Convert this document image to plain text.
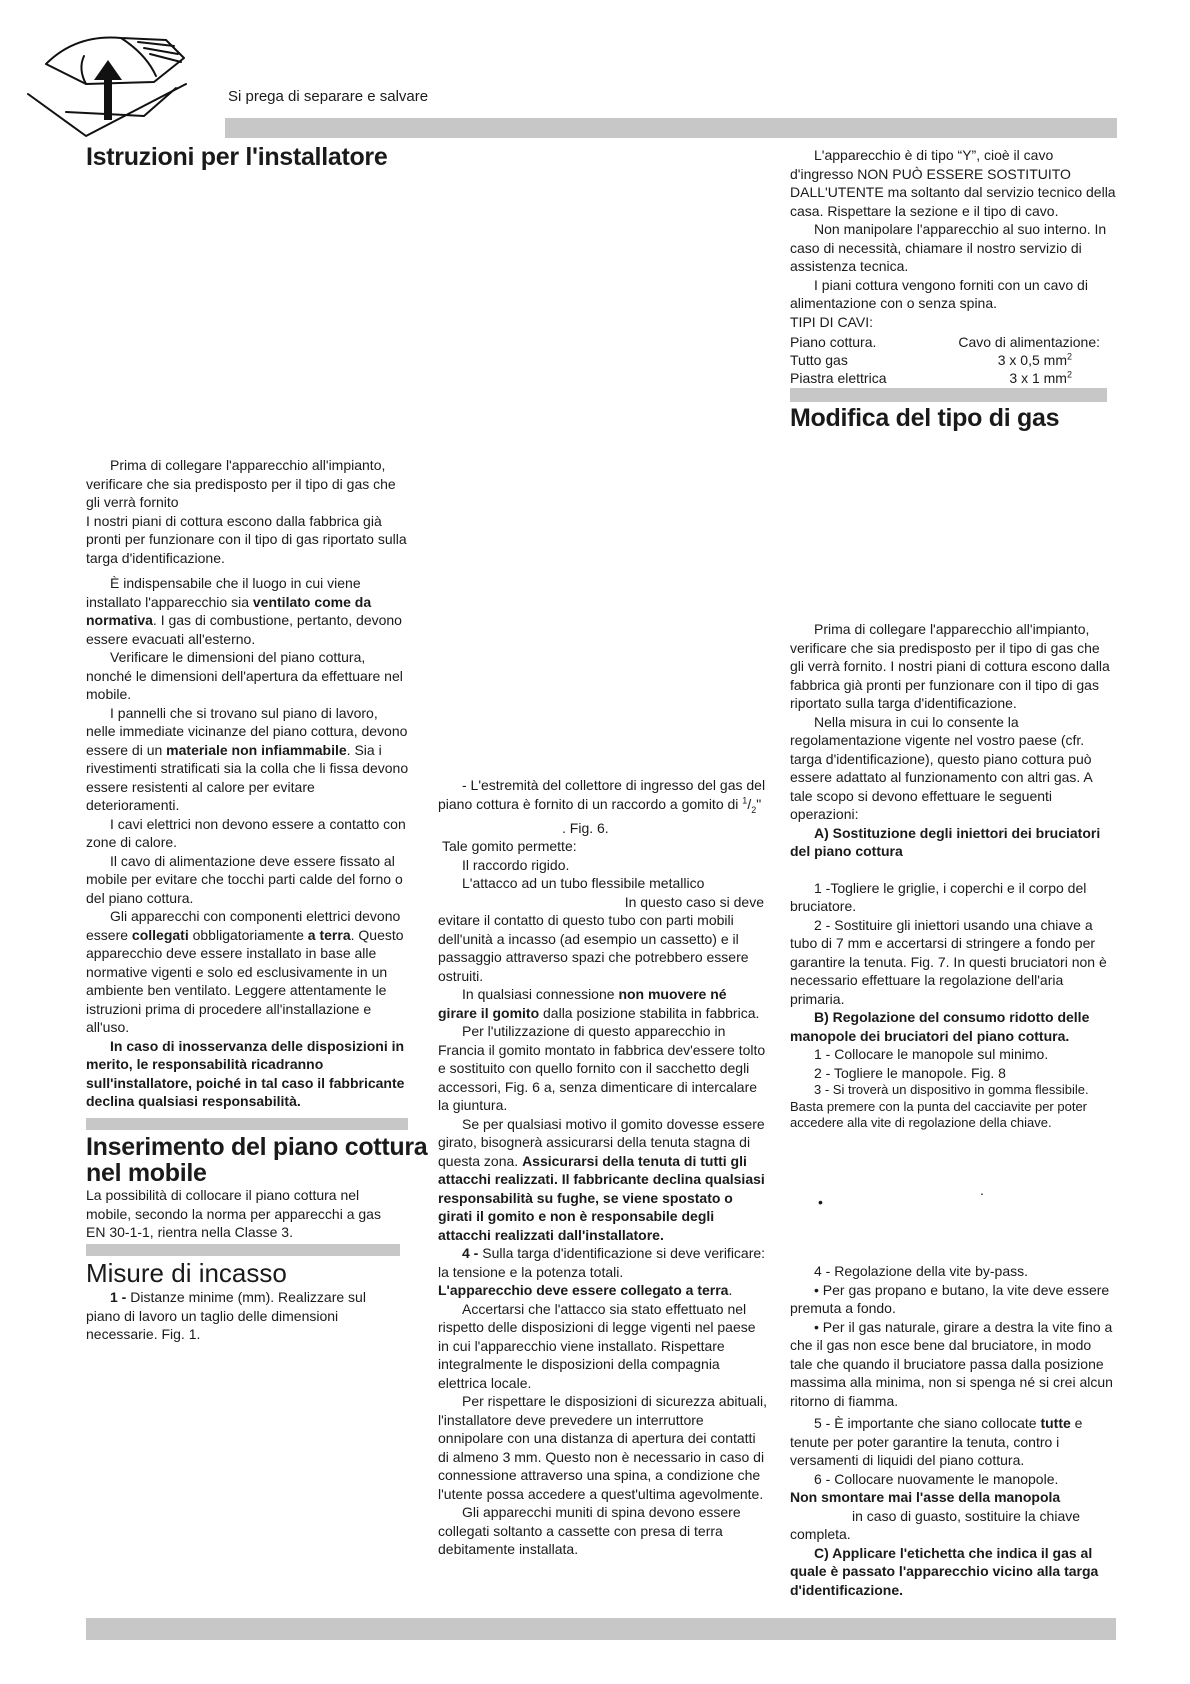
Si prega di separare e salvare
Istruzioni per l'installatore
Modifica del tipo di gas

Prima di collegare l'apparecchio all'impianto, verificare che sia predisposto per il tipo di gas che gli verrà fornito

I nostri piani di cottura escono dalla fabbrica già pronti per funzionare con il tipo di gas riportato sulla targa d'identificazione.

È indispensabile che il luogo in cui viene installato l'apparecchio sia ventilato come da normativa. I gas di combustione, pertanto, devono essere evacuati all'esterno.

Verificare le dimensioni del piano cottura, nonché le dimensioni dell'apertura da effettuare nel mobile.

I pannelli che si trovano sul piano di lavoro, nelle immediate vicinanze del piano cottura, devono essere di un materiale non infiammabile. Sia i rivestimenti stratificati sia la colla che li fissa devono essere resistenti al calore per evitare deterioramenti.

I cavi elettrici non devono essere a contatto con zone di calore.

Il cavo di alimentazione deve essere fissato al mobile per evitare che tocchi parti calde del forno o del piano cottura.

Gli apparecchi con componenti elettrici devono essere collegati obbligatoriamente a terra. Questo apparecchio deve essere installato in base alle normative vigenti e solo ed esclusivamente in un ambiente ben ventilato. Leggere attentamente le istruzioni prima di procedere all'installazione e all'uso.

In caso di inosservanza delle disposizioni in merito, le responsabilità ricadranno sull'installatore, poiché in tal caso il fabbricante declina qualsiasi responsabilità.

Inserimento del piano cottura
nel mobile
La possibilità di collocare il piano cottura nel mobile, secondo la norma per apparecchi a gas EN 30-1-1, rientra nella Classe 3.
Misure di incasso

1 - Distanze minime (mm). Realizzare sul piano di lavoro un taglio delle dimensioni necessarie. Fig. 1.

- L'estremità del collettore di ingresso del gas del piano cottura è fornito di un raccordo a gomito di $^1/_2$". Fig. 6.

Tale gomito permette:

Il raccordo rigido.

L'attacco ad un tubo flessibile metallico

In questo caso si deve

evitare il contatto di questo tubo con parti mobili dell'unità a incasso (ad esempio un cassetto) e il passaggio attraverso spazi che potrebbero essere ostruiti.

In qualsiasi connessione non muovere né girare il gomito dalla posizione stabilita in fabbrica.

Per l'utilizzazione di questo apparecchio in Francia il gomito montato in fabbrica dev'essere tolto e sostituito con quello fornito con il sacchetto degli accessori, Fig. 6 a, senza dimenticare di intercalare la giuntura.

Se per qualsiasi motivo il gomito dovesse essere girato, bisognerà assicurarsi della tenuta stagna di questa zona. Assicurarsi della tenuta di tutti gli attacchi realizzati. Il fabbricante declina qualsiasi responsabilità su fughe, se viene spostato o girati il gomito e non è responsabile degli attacchi realizzati dall'installatore.

4 - Sulla targa d'identificazione si deve verificare: la tensione e la potenza totali.

L'apparecchio deve essere collegato a terra.

Accertarsi che l'attacco sia stato effettuato nel rispetto delle disposizioni di legge vigenti nel paese in cui l'apparecchio viene installato. Rispettare integralmente le disposizioni della compagnia elettrica locale.

Per rispettare le disposizioni di sicurezza abituali, l'installatore deve prevedere un interruttore onnipolare con una distanza di apertura dei contatti di almeno 3 mm. Questo non è necessario in caso di connessione attraverso una spina, a condizione che l'utente possa accedere a quest'ultima agevolmente.

Gli apparecchi muniti di spina devono essere collegati soltanto a cassette con presa di terra debitamente installata.

L'apparecchio è di tipo “Y”, cioè il cavo d'ingresso NON PUÒ ESSERE SOSTITUITO DALL'UTENTE ma soltanto dal servizio tecnico della casa. Rispettare la sezione e il tipo di cavo.

Non manipolare l'apparecchio al suo interno. In caso di necessità, chiamare il nostro servizio di assistenza tecnica.

I piani cottura vengono forniti con un cavo di alimentazione con o senza spina.

TIPI DI CAVI:

Piano cottura.	Cavo di alimentazione:
Tutto gas	3 x 0,5 $mm^2$
Piastra elettrica	3 x 1 $mm^2$

Prima di collegare l'apparecchio all'impianto, verificare che sia predisposto per il tipo di gas che gli verrà fornito. I nostri piani di cottura escono dalla fabbrica già pronti per funzionare con il tipo di gas riportato sulla targa d'identificazione.

Nella misura in cui lo consente la regolamentazione vigente nel vostro paese (cfr. targa d'identificazione), questo piano cottura può essere adattato al funzionamento con altri gas. A tale scopo si devono effettuare le seguenti operazioni:

A) Sostituzione degli iniettori dei bruciatori del piano cottura

1 -Togliere le griglie, i coperchi e il corpo del bruciatore.

2 - Sostituire gli iniettori usando una chiave a tubo di 7 mm e accertarsi di stringere a fondo per garantire la tenuta. Fig. 7. In questi bruciatori non è necessario effettuare la regolazione dell'aria primaria.

B) Regolazione del consumo ridotto delle manopole dei bruciatori del piano cottura.

1 - Collocare le manopole sul minimo.

2 - Togliere le manopole. Fig. 8

3 - Si troverà un dispositivo in gomma flessibile. Basta premere con la punta del cacciavite per poter accedere alla vite di regolazione della chiave.

•
.

4 - Regolazione della vite by-pass.

• Per gas propano e butano, la vite deve essere premuta a fondo.

• Per il gas naturale, girare a destra la vite fino a che il gas non esce bene dal bruciatore, in modo tale che quando il bruciatore passa dalla posizione massima alla minima, non si spenga né si crei alcun ritorno di fiamma.

5 - È importante che siano collocate tutte e tenute per poter garantire la tenuta, contro i versamenti di liquidi del piano cottura.

6 - Collocare nuovamente le manopole.

Non smontare mai l'asse della manopola

in caso di guasto, sostituire la chiave completa.

C) Applicare l'etichetta che indica il gas al quale è passato l'apparecchio vicino alla targa d'identificazione.
